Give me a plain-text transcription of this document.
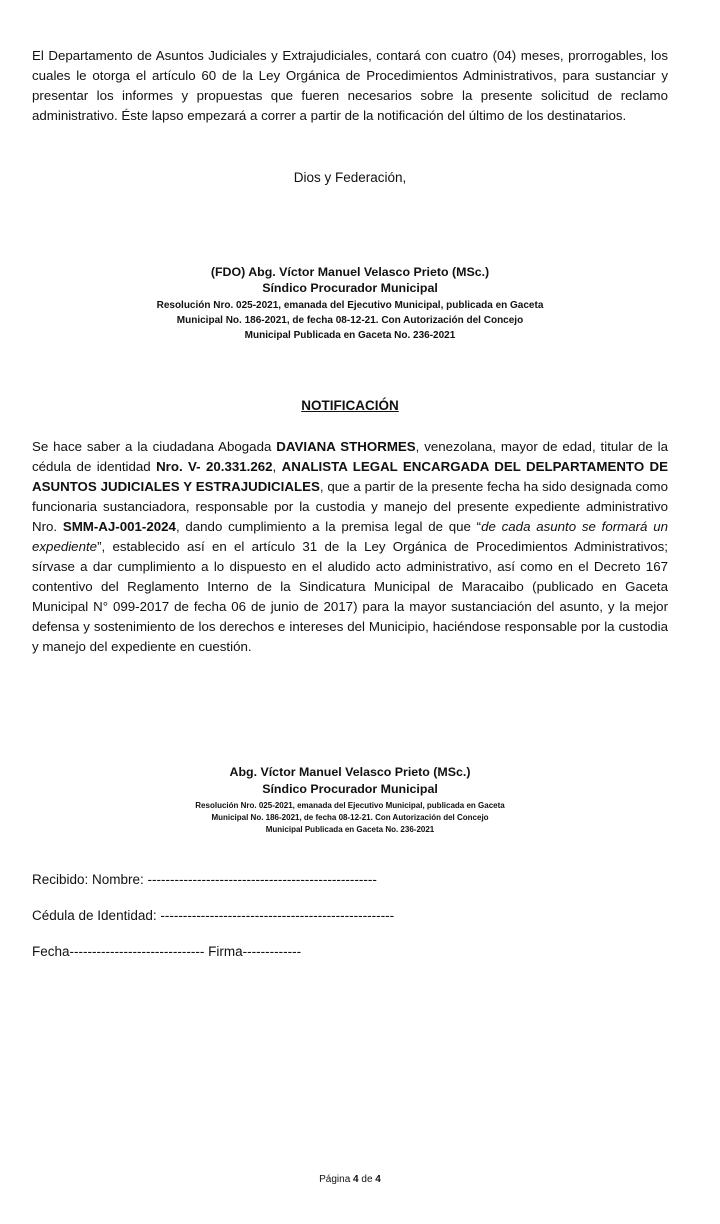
El Departamento de Asuntos Judiciales y Extrajudiciales, contará con cuatro (04) meses, prorrogables, los cuales le otorga el artículo 60 de la Ley Orgánica de Procedimientos Administrativos, para sustanciar y presentar los informes y propuestas que fueren necesarios sobre la presente solicitud de reclamo administrativo. Éste lapso empezará a correr a partir de la notificación del último de los destinatarios.

Dios y Federación,

(FDO) Abg. Víctor Manuel Velasco Prieto (MSc.)

Síndico Procurador Municipal

Resolución Nro. 025-2021, emanada del Ejecutivo Municipal, publicada en Gaceta
Municipal No. 186-2021, de fecha 08-12-21. Con Autorización del Concejo
Municipal Publicada en Gaceta No. 236-2021

NOTIFICACIÓN

Se hace saber a la ciudadana Abogada DAVIANA STHORMES, venezolana, mayor de edad, titular de la cédula de identidad Nro. V- 20.331.262, ANALISTA LEGAL ENCARGADA DEL DELPARTAMENTO DE ASUNTOS JUDICIALES Y ESTRAJUDICIALES, que a partir de la presente fecha ha sido designada como funcionaria sustanciadora, responsable por la custodia y manejo del presente expediente administrativo Nro. SMM-AJ-001-2024, dando cumplimiento a la premisa legal de que “de cada asunto se formará un expediente”, establecido así en el artículo 31 de la Ley Orgánica de Procedimientos Administrativos; sírvase a dar cumplimiento a lo dispuesto en el aludido acto administrativo, así como en el Decreto 167 contentivo del Reglamento Interno de la Sindicatura Municipal de Maracaibo (publicado en Gaceta Municipal N° 099-2017 de fecha 06 de junio de 2017) para la mayor sustanciación del asunto, y la mejor defensa y sostenimiento de los derechos e intereses del Municipio, haciéndose responsable por la custodia y manejo del expediente en cuestión.

Abg. Víctor Manuel Velasco Prieto (MSc.)

Síndico Procurador Municipal

Resolución Nro. 025-2021, emanada del Ejecutivo Municipal, publicada en Gaceta
Municipal No. 186-2021, de fecha 08-12-21. Con Autorización del Concejo
Municipal Publicada en Gaceta No. 236-2021

Recibido: Nombre: ---------------------------------------------------

Cédula de Identidad: ----------------------------------------------------

Fecha------------------------------ Firma-------------

Página 4 de 4
